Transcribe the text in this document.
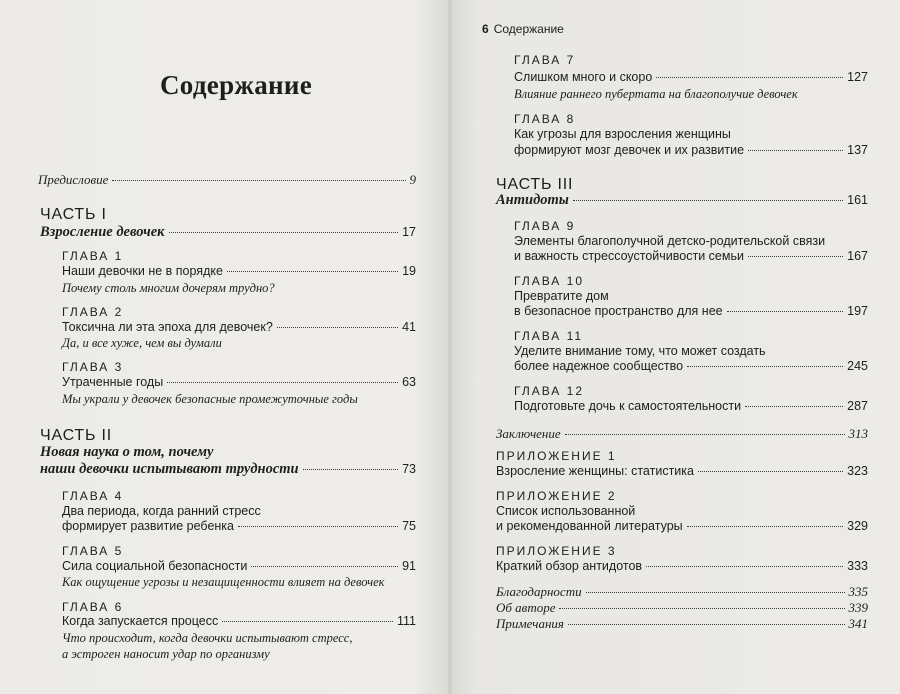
Содержание
Предисловие	9
ЧАСТЬ I
Взросление девочек	17
ГЛАВА 1
Наши девочки не в порядке	19
Почему столь многим дочерям трудно?
ГЛАВА 2
Токсична ли эта эпоха для девочек?	41
Да, и все хуже, чем вы думали
ГЛАВА 3
Утраченные годы	63
Мы украли у девочек безопасные промежуточные годы
ЧАСТЬ II
Новая наука о том, почему
наши девочки испытывают трудности	73
ГЛАВА 4
Два периода, когда ранний стресс
формирует развитие ребенка	75
ГЛАВА 5
Сила социальной безопасности	91
Как ощущение угрозы и незащищенности влияет на девочек
ГЛАВА 6
Когда запускается процесс	111
Что происходит, когда девочки испытывают стресс,
а эстроген наносит удар по организму
6 Содержание
ГЛАВА 7
Слишком много и скоро	127
Влияние раннего пубертата на благополучие девочек
ГЛАВА 8
Как угрозы для взросления женщины
формируют мозг девочек и их развитие	137
ЧАСТЬ III
Антидоты	161
ГЛАВА 9
Элементы благополучной детско-родительской связи
и важность стрессоустойчивости семьи	167
ГЛАВА 10
Превратите дом
в безопасное пространство для нее	197
ГЛАВА 11
Уделите внимание тому, что может создать
более надежное сообщество	245
ГЛАВА 12
Подготовьте дочь к самостоятельности	287
Заключение	313
ПРИЛОЖЕНИЕ 1
Взросление женщины: статистика	323
ПРИЛОЖЕНИЕ 2
Список использованной
и рекомендованной литературы	329
ПРИЛОЖЕНИЕ 3
Краткий обзор антидотов	333
Благодарности	335
Об авторе	339
Примечания	341
